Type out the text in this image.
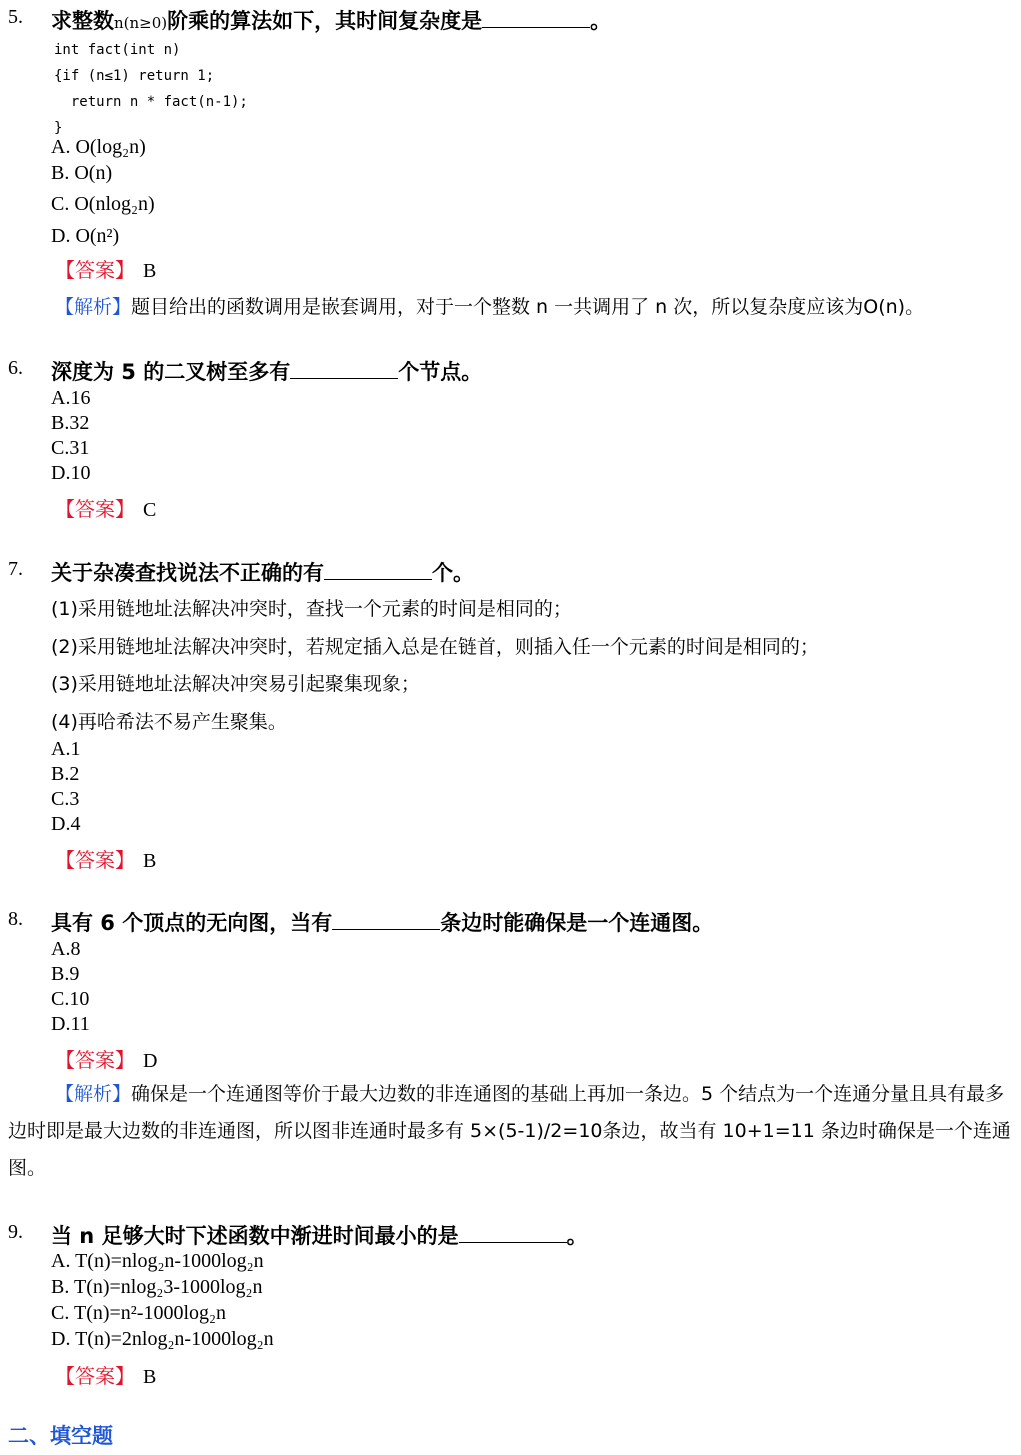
5. 求整数n(n≥0)阶乘的算法如下，其时间复杂度是	。
int fact(int n)
{if (n≤1) return 1;
return n * fact(n-1);
}
A. O(log₂n)
B. O(n)
C. O(nlog₂n)
D. O(n²)
【答案】 B
【解析】题目给出的函数调用是嵌套调用，对于一个整数 n 一共调用了 n 次，所以复杂度应该为O(n)。
6. 深度为 5 的二叉树至多有	个节点。
A.16
B.32
C.31
D.10
【答案】 C
7. 关于杂凑查找说法不正确的有	个。
(1)采用链地址法解决冲突时，查找一个元素的时间是相同的；
(2)采用链地址法解决冲突时，若规定插入总是在链首，则插入任一个元素的时间是相同的；
(3)采用链地址法解决冲突易引起聚集现象；
(4)再哈希法不易产生聚集。
A.1
B.2
C.3
D.4
【答案】 B
8. 具有 6 个顶点的无向图，当有	条边时能确保是一个连通图。
A.8
B.9
C.10
D.11
【答案】 D
【解析】确保是一个连通图等价于最大边数的非连通图的基础上再加一条边。5 个结点为一个连通分量且具有最多边时即是最大边数的非连通图，所以图非连通时最多有 5×(5-1)/2=10条边，故当有 10+1=11 条边时确保是一个连通图。
9. 当 n 足够大时下述函数中渐进时间最小的是	。
A. T(n)=nlog₂n-1000log₂n
B. T(n)=nlog₂3-1000log₂n
C. T(n)=n²-1000log₂n
D. T(n)=2nlog₂n-1000log₂n
【答案】 B
二、填空题
